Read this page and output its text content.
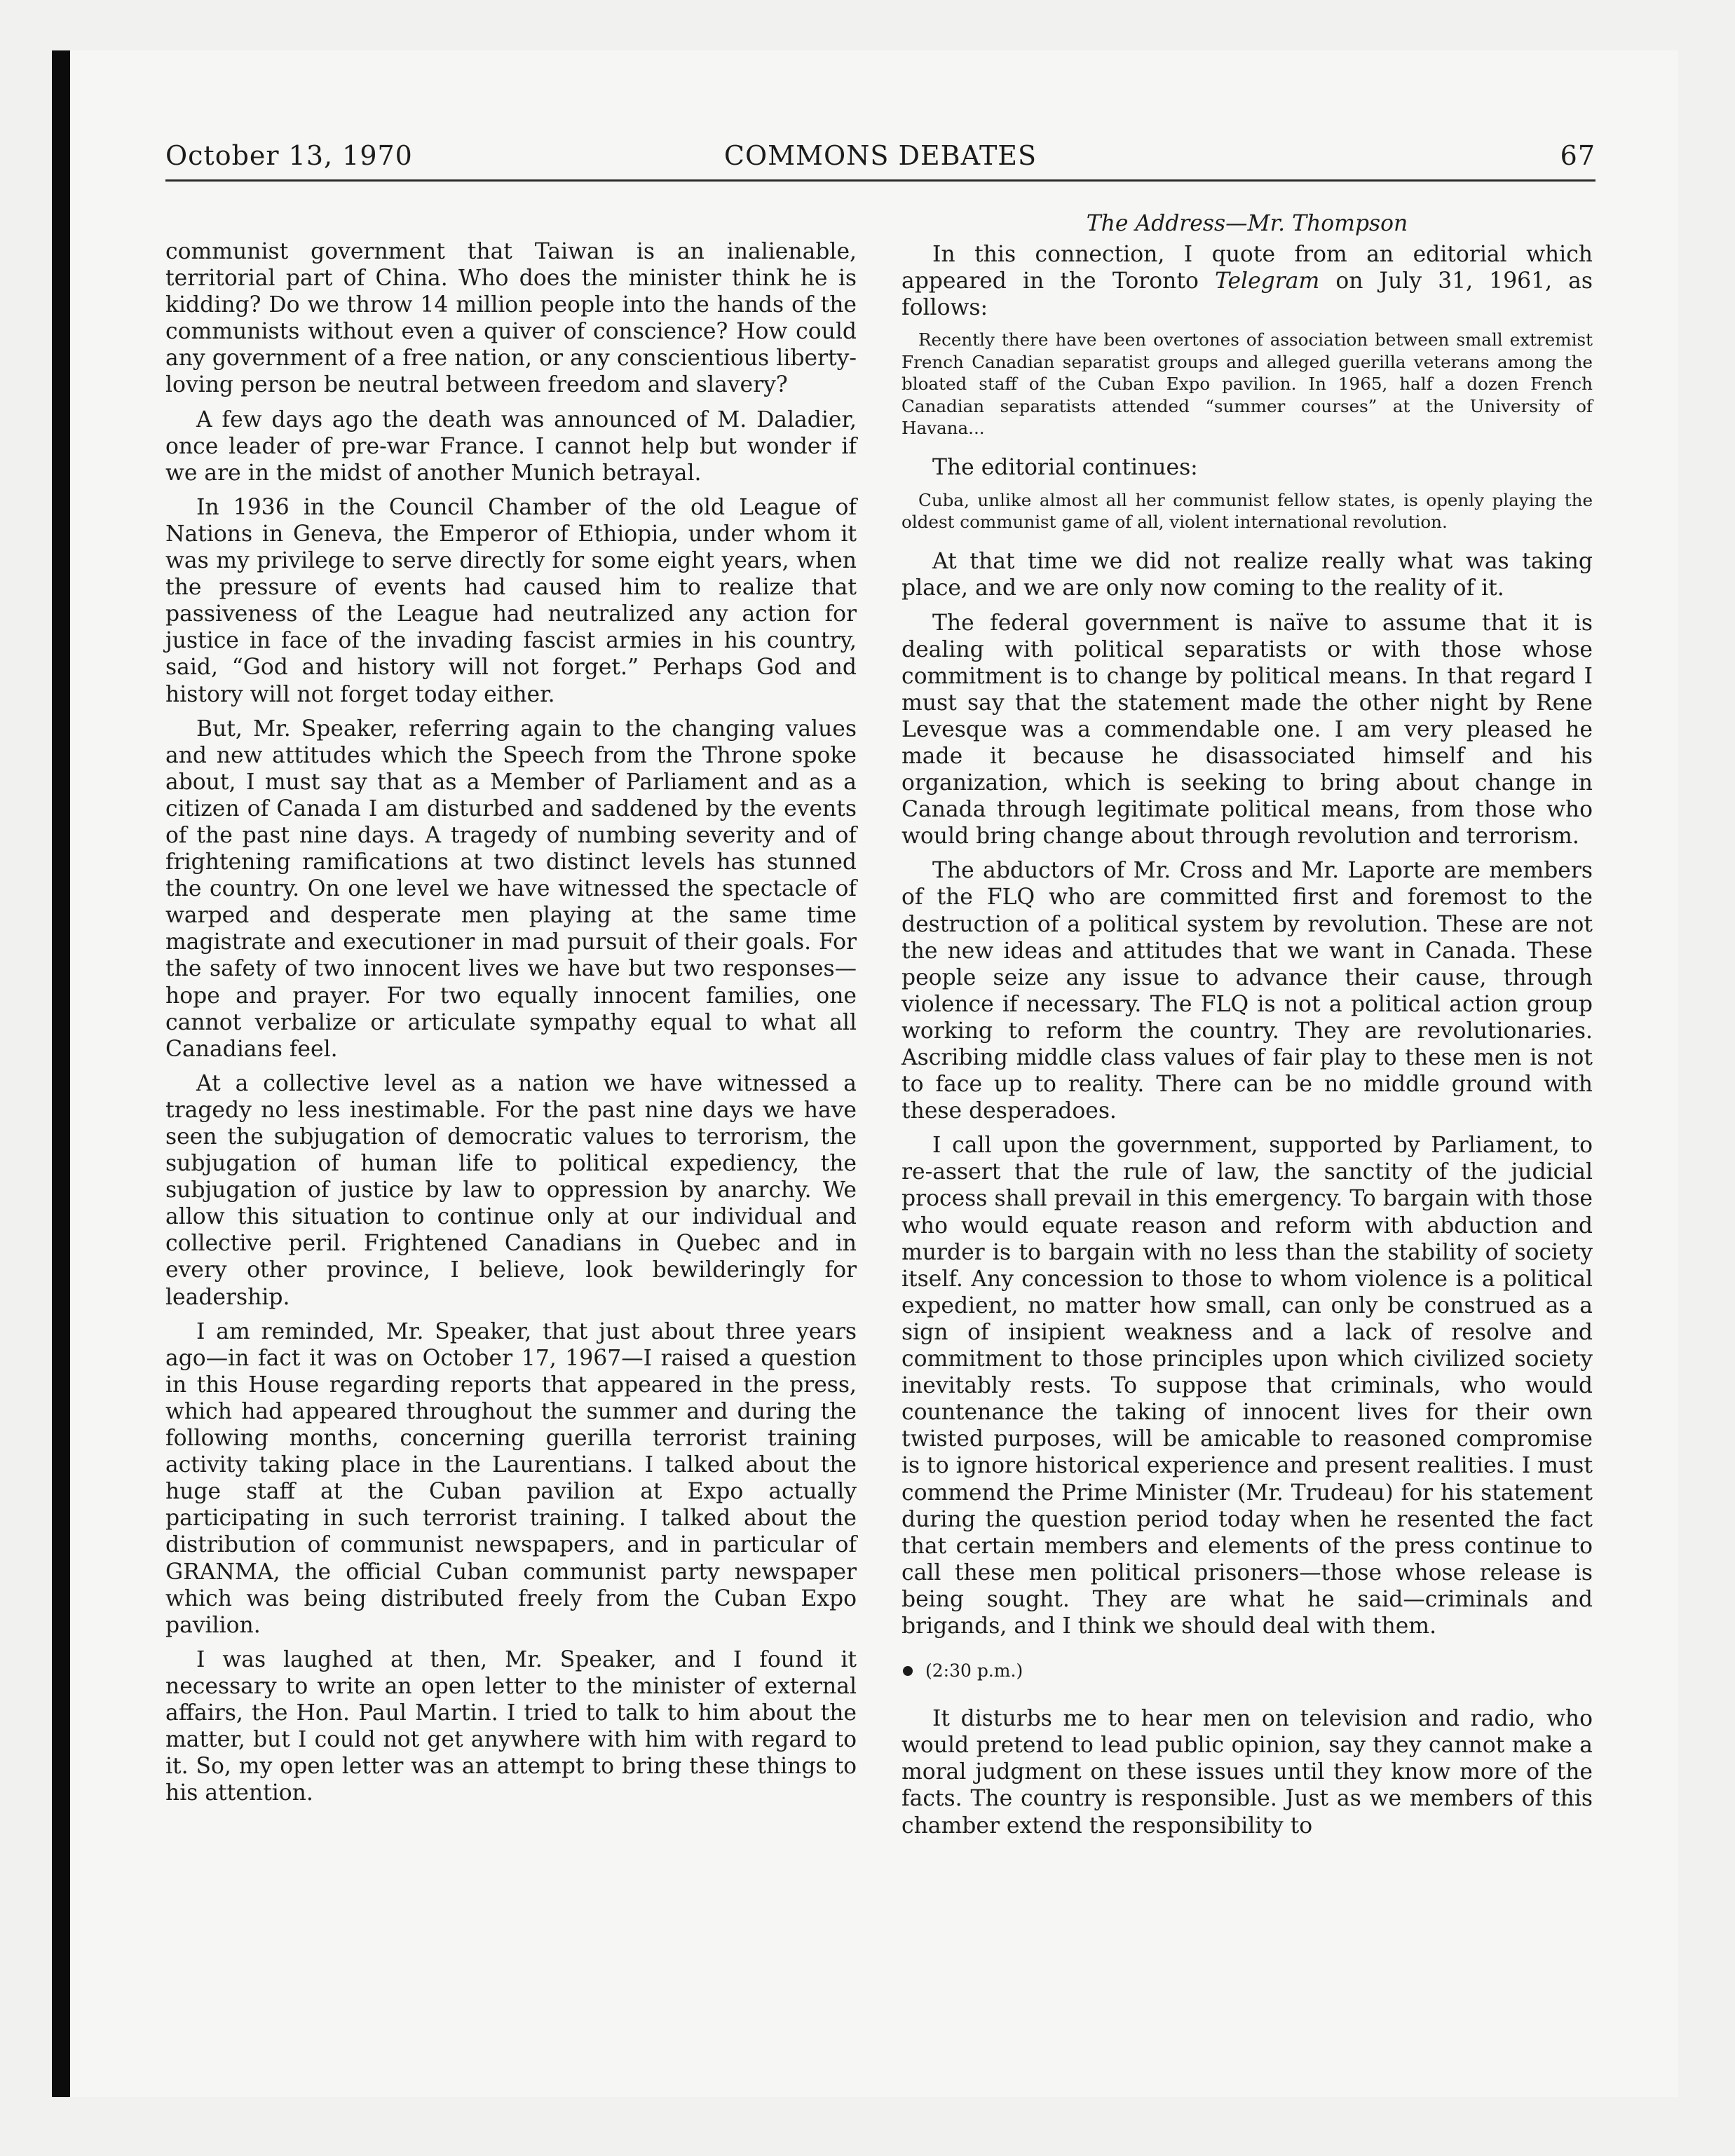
October 13, 1970	COMMONS DEBATES	67

communist government that Taiwan is an inalienable, territorial part of China. Who does the minister think he is kidding? Do we throw 14 million people into the hands of the communists without even a quiver of conscience? How could any government of a free nation, or any conscientious liberty-loving person be neutral between freedom and slavery?

A few days ago the death was announced of M. Daladier, once leader of pre-war France. I cannot help but wonder if we are in the midst of another Munich betrayal.

In 1936 in the Council Chamber of the old League of Nations in Geneva, the Emperor of Ethiopia, under whom it was my privilege to serve directly for some eight years, when the pressure of events had caused him to realize that passiveness of the League had neutralized any action for justice in face of the invading fascist armies in his country, said, “God and history will not forget.” Perhaps God and history will not forget today either.

But, Mr. Speaker, referring again to the changing values and new attitudes which the Speech from the Throne spoke about, I must say that as a Member of Parliament and as a citizen of Canada I am disturbed and saddened by the events of the past nine days. A tragedy of numbing severity and of frightening ramifications at two distinct levels has stunned the country. On one level we have witnessed the spectacle of warped and desperate men playing at the same time magistrate and executioner in mad pursuit of their goals. For the safety of two innocent lives we have but two responses—hope and prayer. For two equally innocent families, one cannot verbalize or articulate sympathy equal to what all Canadians feel.

At a collective level as a nation we have witnessed a tragedy no less inestimable. For the past nine days we have seen the subjugation of democratic values to terrorism, the subjugation of human life to political expediency, the subjugation of justice by law to oppression by anarchy. We allow this situation to continue only at our individual and collective peril. Frightened Canadians in Quebec and in every other province, I believe, look bewilderingly for leadership.

I am reminded, Mr. Speaker, that just about three years ago—in fact it was on October 17, 1967—I raised a question in this House regarding reports that appeared in the press, which had appeared throughout the summer and during the following months, concerning guerilla terrorist training activity taking place in the Laurentians. I talked about the huge staff at the Cuban pavilion at Expo actually participating in such terrorist training. I talked about the distribution of communist newspapers, and in particular of GRANMA, the official Cuban communist party newspaper which was being distributed freely from the Cuban Expo pavilion.

I was laughed at then, Mr. Speaker, and I found it necessary to write an open letter to the minister of external affairs, the Hon. Paul Martin. I tried to talk to him about the matter, but I could not get anywhere with him with regard to it. So, my open letter was an attempt to bring these things to his attention.

The Address—Mr. Thompson

In this connection, I quote from an editorial which appeared in the Toronto Telegram on July 31, 1961, as follows:

Recently there have been overtones of association between small extremist French Canadian separatist groups and alleged guerilla veterans among the bloated staff of the Cuban Expo pavilion. In 1965, half a dozen French Canadian separatists attended “summer courses” at the University of Havana...

The editorial continues:

Cuba, unlike almost all her communist fellow states, is openly playing the oldest communist game of all, violent international revolution.

At that time we did not realize really what was taking place, and we are only now coming to the reality of it.

The federal government is naïve to assume that it is dealing with political separatists or with those whose commitment is to change by political means. In that regard I must say that the statement made the other night by Rene Levesque was a commendable one. I am very pleased he made it because he disassociated himself and his organization, which is seeking to bring about change in Canada through legitimate political means, from those who would bring change about through revolution and terrorism.

The abductors of Mr. Cross and Mr. Laporte are members of the FLQ who are committed first and foremost to the destruction of a political system by revolution. These are not the new ideas and attitudes that we want in Canada. These people seize any issue to advance their cause, through violence if necessary. The FLQ is not a political action group working to reform the country. They are revolutionaries. Ascribing middle class values of fair play to these men is not to face up to reality. There can be no middle ground with these desperadoes.

I call upon the government, supported by Parliament, to re-assert that the rule of law, the sanctity of the judicial process shall prevail in this emergency. To bargain with those who would equate reason and reform with abduction and murder is to bargain with no less than the stability of society itself. Any concession to those to whom violence is a political expedient, no matter how small, can only be construed as a sign of insipient weakness and a lack of resolve and commitment to those principles upon which civilized society inevitably rests. To suppose that criminals, who would countenance the taking of innocent lives for their own twisted purposes, will be amicable to reasoned compromise is to ignore historical experience and present realities. I must commend the Prime Minister (Mr. Trudeau) for his statement during the question period today when he resented the fact that certain members and elements of the press continue to call these men political prisoners—those whose release is being sought. They are what he said—criminals and brigands, and I think we should deal with them.

(2:30 p.m.)

It disturbs me to hear men on television and radio, who would pretend to lead public opinion, say they cannot make a moral judgment on these issues until they know more of the facts. The country is responsible. Just as we members of this chamber extend the responsibility to
